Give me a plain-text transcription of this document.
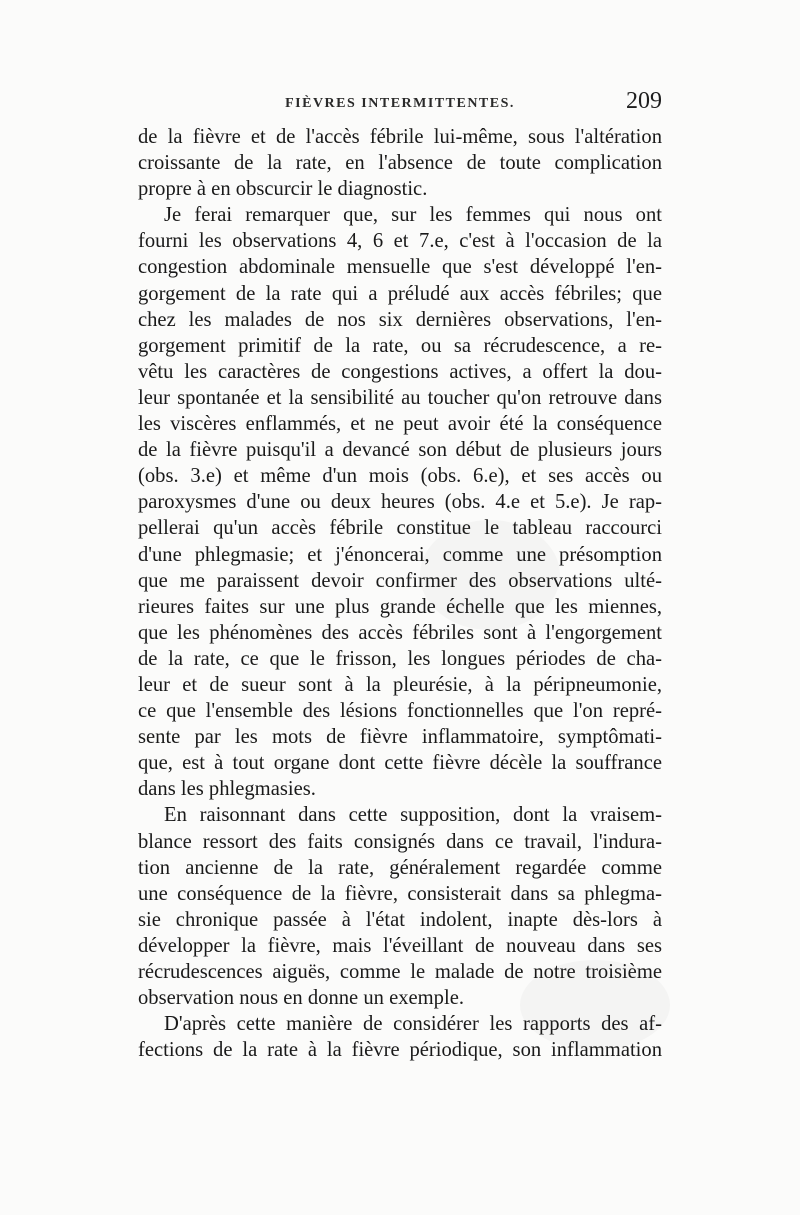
FIÈVRES INTERMITTENTES.	209
de la fièvre et de l'accès fébrile lui-même, sous l'altération
croissante de la rate, en l'absence de toute complication
propre à en obscurcir le diagnostic.
Je ferai remarquer que, sur les femmes qui nous ont
fourni les observations 4, 6 et 7.e, c'est à l'occasion de la
congestion abdominale mensuelle que s'est développé l'en-
gorgement de la rate qui a préludé aux accès fébriles; que
chez les malades de nos six dernières observations, l'en-
gorgement primitif de la rate, ou sa récrudescence, a re-
vêtu les caractères de congestions actives, a offert la dou-
leur spontanée et la sensibilité au toucher qu'on retrouve dans
les viscères enflammés, et ne peut avoir été la conséquence
de la fièvre puisqu'il a devancé son début de plusieurs jours
(obs. 3.e) et même d'un mois (obs. 6.e), et ses accès ou
paroxysmes d'une ou deux heures (obs. 4.e et 5.e). Je rap-
pellerai qu'un accès fébrile constitue le tableau raccourci
d'une phlegmasie; et j'énoncerai, comme une présomption
que me paraissent devoir confirmer des observations ulté-
rieures faites sur une plus grande échelle que les miennes,
que les phénomènes des accès fébriles sont à l'engorgement
de la rate, ce que le frisson, les longues périodes de cha-
leur et de sueur sont à la pleurésie, à la péripneumonie,
ce que l'ensemble des lésions fonctionnelles que l'on repré-
sente par les mots de fièvre inflammatoire, symptômati-
que, est à tout organe dont cette fièvre décèle la souffrance
dans les phlegmasies.
En raisonnant dans cette supposition, dont la vraisem-
blance ressort des faits consignés dans ce travail, l'indura-
tion ancienne de la rate, généralement regardée comme
une conséquence de la fièvre, consisterait dans sa phlegma-
sie chronique passée à l'état indolent, inapte dès-lors à
développer la fièvre, mais l'éveillant de nouveau dans ses
récrudescences aiguës, comme le malade de notre troisième
observation nous en donne un exemple.
D'après cette manière de considérer les rapports des af-
fections de la rate à la fièvre périodique, son inflammation
